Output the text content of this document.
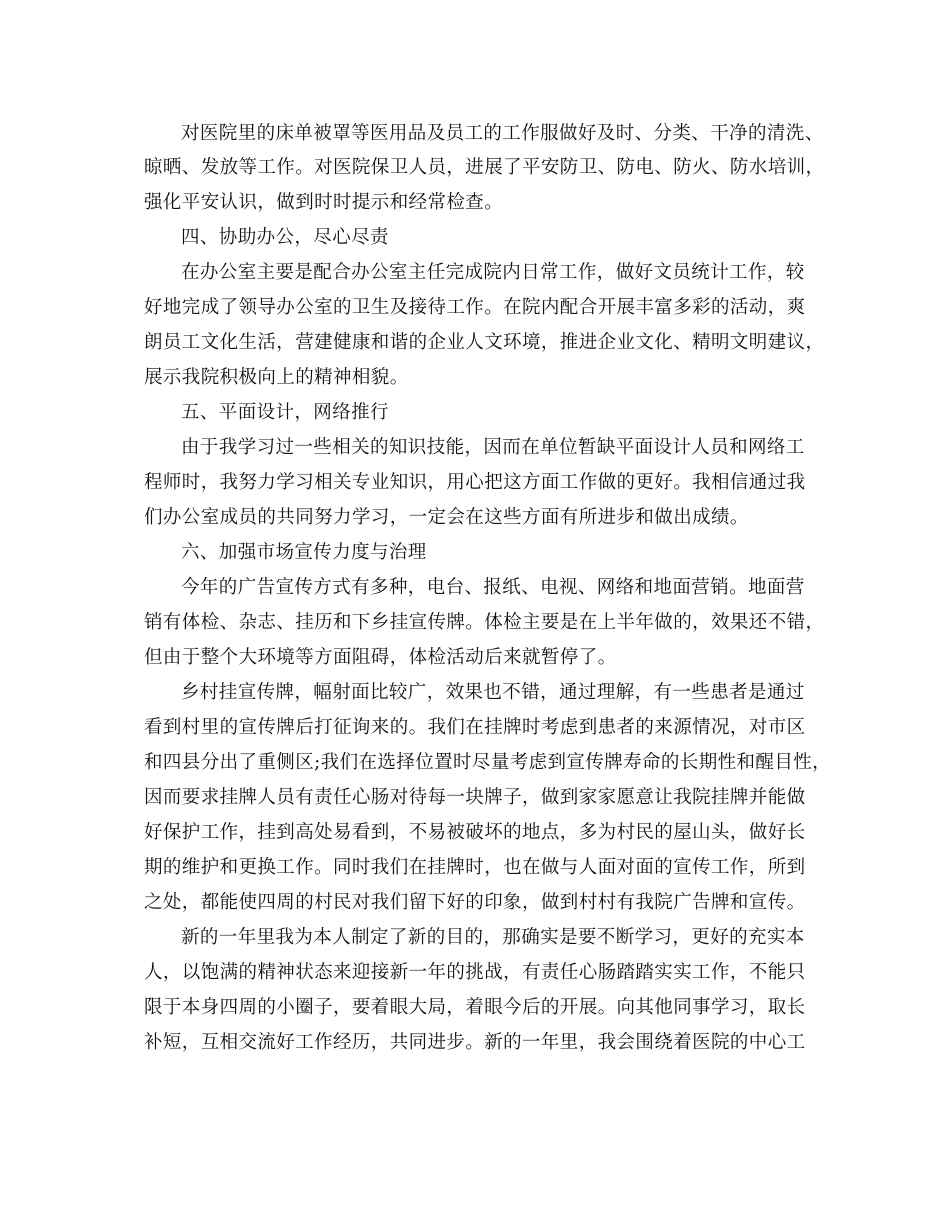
对医院里的床单被罩等医用品及员工的工作服做好及时、分类、干净的清洗、
晾晒、发放等工作。对医院保卫人员，进展了平安防卫、防电、防火、防水培训，
强化平安认识，做到时时提示和经常检查。
四、协助办公，尽心尽责
在办公室主要是配合办公室主任完成院内日常工作，做好文员统计工作，较
好地完成了领导办公室的卫生及接待工作。在院内配合开展丰富多彩的活动，爽
朗员工文化生活，营建健康和谐的企业人文环境，推进企业文化、精明文明建议，
展示我院积极向上的精神相貌。
五、平面设计，网络推行
由于我学习过一些相关的知识技能，因而在单位暂缺平面设计人员和网络工
程师时，我努力学习相关专业知识，用心把这方面工作做的更好。我相信通过我
们办公室成员的共同努力学习，一定会在这些方面有所进步和做出成绩。
六、加强市场宣传力度与治理
今年的广告宣传方式有多种，电台、报纸、电视、网络和地面营销。地面营
销有体检、杂志、挂历和下乡挂宣传牌。体检主要是在上半年做的，效果还不错，
但由于整个大环境等方面阻碍，体检活动后来就暂停了。
乡村挂宣传牌，幅射面比较广，效果也不错，通过理解，有一些患者是通过
看到村里的宣传牌后打征询来的。我们在挂牌时考虑到患者的来源情况，对市区
和四县分出了重侧区;我们在选择位置时尽量考虑到宣传牌寿命的长期性和醒目性，
因而要求挂牌人员有责任心肠对待每一块牌子，做到家家愿意让我院挂牌并能做
好保护工作，挂到高处易看到，不易被破坏的地点，多为村民的屋山头，做好长
期的维护和更换工作。同时我们在挂牌时，也在做与人面对面的宣传工作，所到
之处，都能使四周的村民对我们留下好的印象，做到村村有我院广告牌和宣传。
新的一年里我为本人制定了新的目的，那确实是要不断学习，更好的充实本
人，以饱满的精神状态来迎接新一年的挑战，有责任心肠踏踏实实工作，不能只
限于本身四周的小圈子，要着眼大局，着眼今后的开展。向其他同事学习，取长
补短，互相交流好工作经历，共同进步。新的一年里，我会围绕着医院的中心工
